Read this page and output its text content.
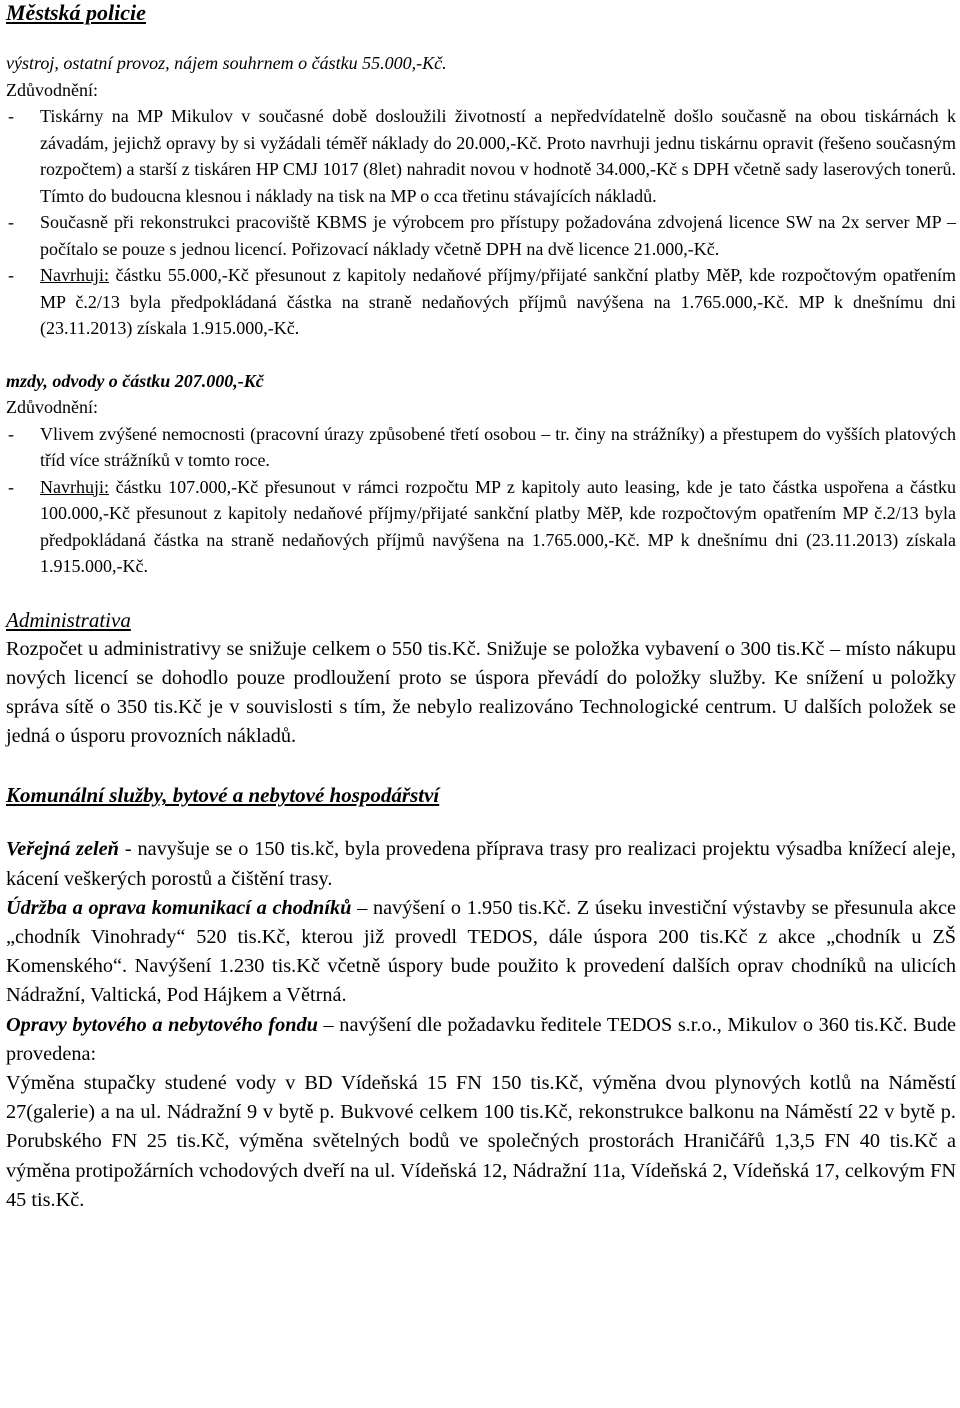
Městská policie
výstroj, ostatní provoz, nájem souhrnem o částku 55.000,-Kč.
Zdůvodnění:
-	Tiskárny na MP Mikulov v současné době dosloužili životností a nepředvídatelně došlo současně na obou tiskárnách k závadám, jejichž opravy by si vyžádali téměř náklady do 20.000,-Kč. Proto navrhuji jednu tiskárnu opravit (řešeno současným rozpočtem) a starší z tiskáren HP CMJ 1017 (8let) nahradit novou v hodnotě 34.000,-Kč s DPH včetně sady laserových tonerů. Tímto do budoucna klesnou i náklady na tisk na MP o cca třetinu stávajících nákladů.
-	Současně při rekonstrukci pracoviště KBMS je výrobcem pro přístupy požadována zdvojená licence SW na 2x server MP – počítalo se pouze s jednou licencí. Pořizovací náklady včetně DPH na dvě licence 21.000,-Kč.
-	Navrhuji: částku 55.000,-Kč přesunout z kapitoly nedaňové příjmy/přijaté sankční platby MěP, kde rozpočtovým opatřením MP č.2/13 byla předpokládaná částka na straně nedaňových příjmů navýšena na 1.765.000,-Kč. MP k dnešnímu dni (23.11.2013) získala 1.915.000,-Kč.
mzdy, odvody o částku 207.000,-Kč
Zdůvodnění:
-	Vlivem zvýšené nemocnosti (pracovní úrazy způsobené třetí osobou – tr. činy na strážníky) a přestupem do vyšších platových tříd více strážníků v tomto roce.
-	Navrhuji: částku 107.000,-Kč přesunout v rámci rozpočtu MP z kapitoly auto leasing, kde je tato částka uspořena a částku 100.000,-Kč přesunout z kapitoly nedaňové příjmy/přijaté sankční platby MěP, kde rozpočtovým opatřením MP č.2/13 byla předpokládaná částka na straně nedaňových příjmů navýšena na 1.765.000,-Kč. MP k dnešnímu dni (23.11.2013) získala 1.915.000,-Kč.
Administrativa
Rozpočet u administrativy se snižuje celkem o 550 tis.Kč. Snižuje se položka vybavení o 300 tis.Kč – místo nákupu nových licencí se dohodlo pouze prodloužení proto se úspora převádí do položky služby. Ke snížení u položky správa sítě o 350 tis.Kč je v souvislosti s tím, že nebylo realizováno Technologické centrum. U dalších položek se jedná o úsporu provozních nákladů.
Komunální služby, bytové a nebytové hospodářství
Veřejná zeleň - navyšuje se o 150 tis.kč, byla provedena příprava trasy pro realizaci projektu výsadba knížecí aleje, kácení veškerých porostů a čištění trasy.
Údržba a oprava komunikací a chodníků – navýšení o 1.950 tis.Kč. Z úseku investiční výstavby se přesunula akce „chodník Vinohrady“ 520 tis.Kč, kterou již provedl TEDOS, dále úspora 200 tis.Kč z akce „chodník u ZŠ Komenského“. Navýšení 1.230 tis.Kč včetně úspory bude použito k provedení dalších oprav chodníků na ulicích Nádražní, Valtická, Pod Hájkem a Větrná.
Opravy bytového a nebytového fondu – navýšení dle požadavku ředitele TEDOS s.r.o., Mikulov o 360 tis.Kč. Bude provedena:
Výměna stupačky studené vody v BD Vídeňská 15 FN 150 tis.Kč, výměna dvou plynových kotlů na Náměstí 27(galerie) a na ul. Nádražní 9 v bytě p. Bukvové celkem 100 tis.Kč, rekonstrukce balkonu na Náměstí 22 v bytě p. Porubského FN 25 tis.Kč, výměna světelných bodů ve společných prostorách Hraničářů 1,3,5 FN 40 tis.Kč a výměna protipožárních vchodových dveří na ul. Vídeňská 12, Nádražní 11a, Vídeňská 2, Vídeňská 17, celkovým FN 45 tis.Kč.
